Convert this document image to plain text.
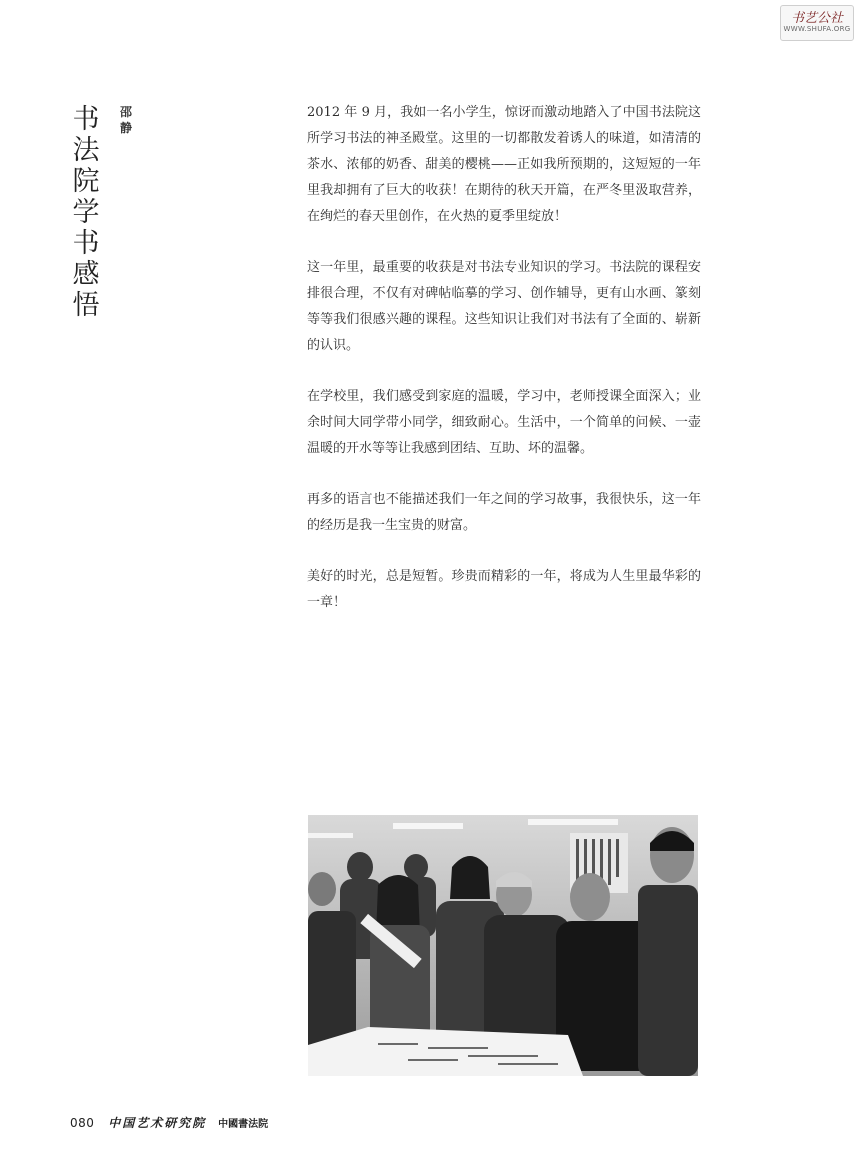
书艺公社
WWW.SHUFA.ORG
书
法
院
学
书
感
悟
邵
静

2012 年 9 月，我如一名小学生，惊讶而激动地踏入了中国书法院这所学习书法的神圣殿堂。这里的一切都散发着诱人的味道，如清清的茶水、浓郁的奶香、甜美的樱桃——正如我所预期的，这短短的一年里我却拥有了巨大的收获！在期待的秋天开篇，在严冬里汲取营养，在绚烂的春天里创作，在火热的夏季里绽放！

这一年里，最重要的收获是对书法专业知识的学习。书法院的课程安排很合理，不仅有对碑帖临摹的学习、创作辅导，更有山水画、篆刻等等我们很感兴趣的课程。这些知识让我们对书法有了全面的、崭新的认识。

在学校里，我们感受到家庭的温暖，学习中，老师授课全面深入；业余时间大同学带小同学，细致耐心。生活中，一个简单的问候、一壶温暖的开水等等让我感到团结、互助、坏的温馨。

再多的语言也不能描述我们一年之间的学习故事，我很快乐，这一年的经历是我一生宝贵的财富。

美好的时光，总是短暂。珍贵而精彩的一年，将成为人生里最华彩的一章！

080 中国艺术研究院 中國書法院
